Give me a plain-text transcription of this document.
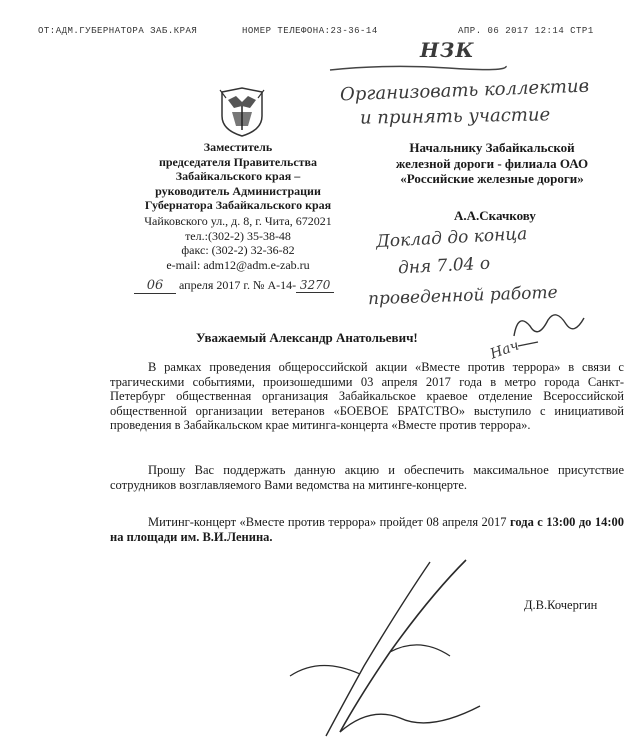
ОТ:АДМ.ГУБЕРНАТОРА ЗАБ.КРАЯ	НОМЕР ТЕЛЕФОНА:23-36-14	АПР. 06 2017 12:14 СТР1
НЗК
Организовать коллектив
и принять участие
Заместитель
председателя Правительства
Забайкальского края –
руководитель Администрации
Губернатора Забайкальского края
Чайковского ул., д. 8, г. Чита, 672021
тел.:(302-2) 35-38-48
факс: (302-2) 32-36-82
e-mail: adm12@adm.e-zab.ru
06 апреля 2017 г. № А-14- 3270
Начальнику Забайкальской
железной дороги - филиала ОАО
«Российские железные дороги»
А.А.Скачкову
Доклад до конца
дня 7.04 о
проведенной работе
Нач
Уважаемый Александр Анатольевич!
В рамках проведения общероссийской акции «Вместе против террора» в связи с трагическими событиями, произошедшими 03 апреля 2017 года в метро города Санкт-Петербург общественная организация Забайкальское краевое отделение Всероссийской общественной организации ветеранов «БОЕВОЕ БРАТСТВО» выступило с инициативой проведения в Забайкальском крае митинга-концерта «Вместе против террора».
Прошу Вас поддержать данную акцию и обеспечить максимальное присутствие сотрудников возглавляемого Вами ведомства на митинге-концерте.
Митинг-концерт «Вместе против террора» пройдет 08 апреля 2017 года с 13:00 до 14:00 на площади им. В.И.Ленина.
Д.В.Кочергин
